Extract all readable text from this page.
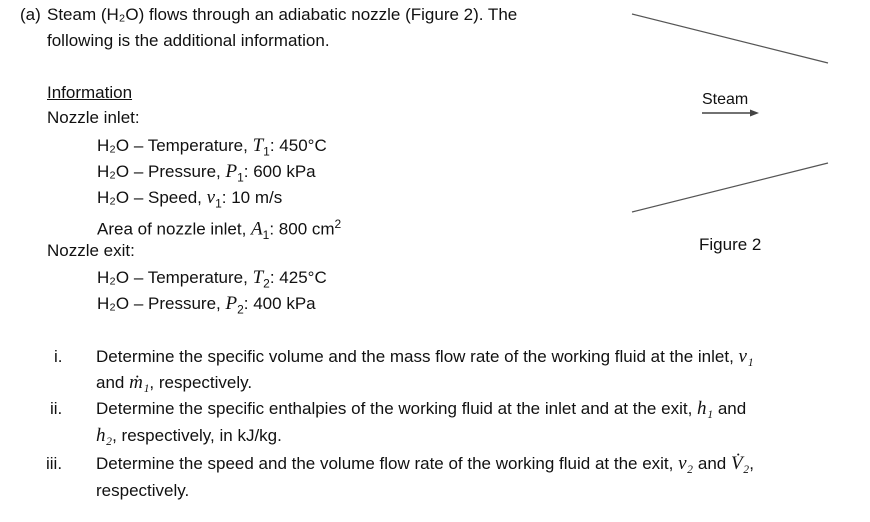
(a) Steam (H₂O) flows through an adiabatic nozzle (Figure 2). The
following is the additional information.
Information
Nozzle inlet:
H₂O – Temperature, $T_1$: 450°C
H₂O – Pressure, $P_1$: 600 kPa
H₂O – Speed, $v_1$: 10 m/s
Area of nozzle inlet, $A_1$: 800 $cm^2$
Nozzle exit:
H₂O – Temperature, $T_2$: 425°C
H₂O – Pressure, $P_2$: 400 kPa
Steam
Figure 2
i. Determine the specific volume and the mass flow rate of the working fluid at the inlet, v₁
and ṁ₁, respectively.
ii. Determine the specific enthalpies of the working fluid at the inlet and at the exit, h₁ and
h₂, respectively, in kJ/kg.
iii. Determine the speed and the volume flow rate of the working fluid at the exit, v₂ and V̇₂,
respectively.
